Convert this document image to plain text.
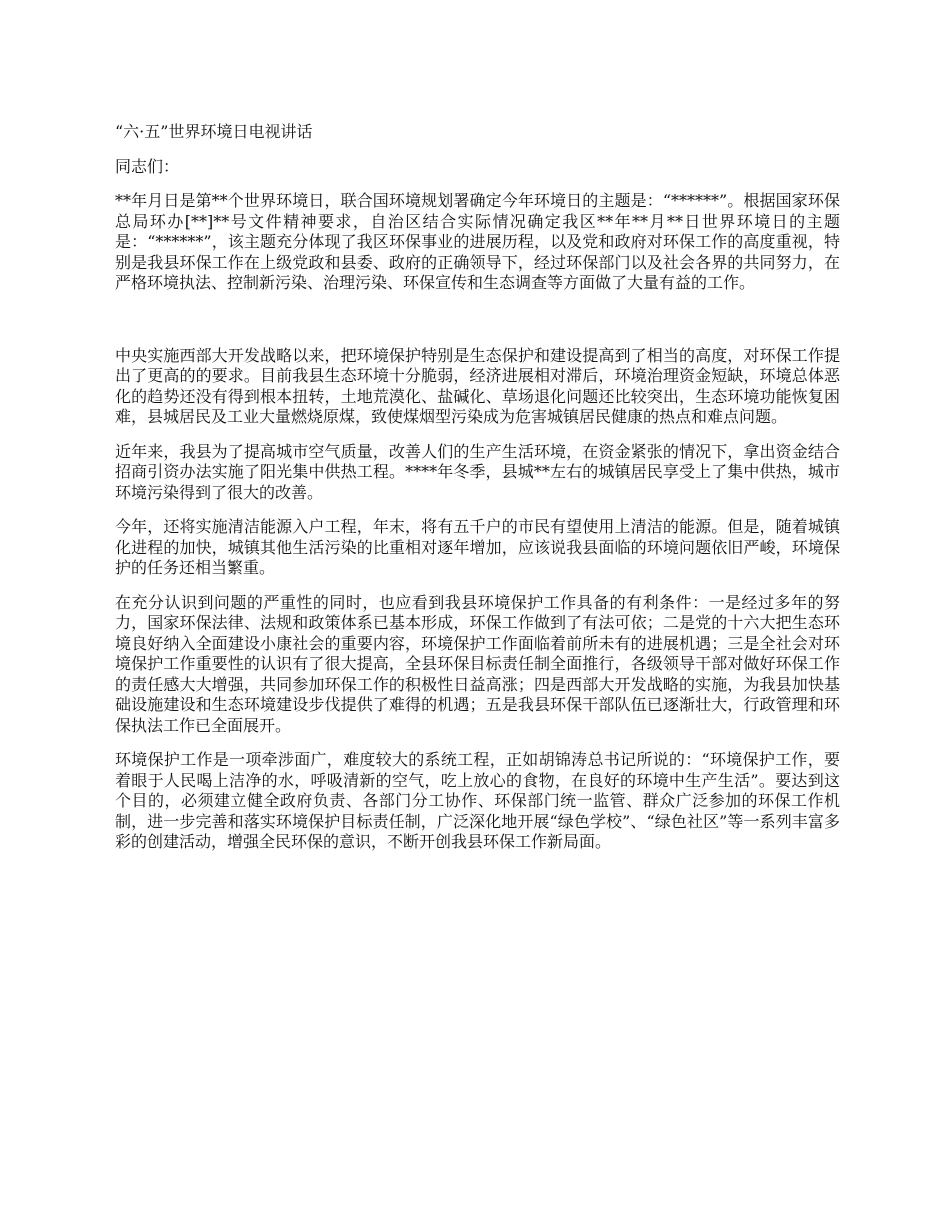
“六·五”世界环境日电视讲话
同志们：

**年月日是第**个世界环境日，联合国环境规划署确定今年环境日的主题是：“******”。根据国家环保总局环办[**]**号文件精神要求，自治区结合实际情况确定我区**年**月**日世界环境日的主题是：“******”，该主题充分体现了我区环保事业的进展历程，以及党和政府对环保工作的高度重视，特别是我县环保工作在上级党政和县委、政府的正确领导下，经过环保部门以及社会各界的共同努力，在严格环境执法、控制新污染、治理污染、环保宣传和生态调查等方面做了大量有益的工作。

中央实施西部大开发战略以来，把环境保护特别是生态保护和建设提高到了相当的高度，对环保工作提出了更高的的要求。目前我县生态环境十分脆弱，经济进展相对滞后，环境治理资金短缺，环境总体恶化的趋势还没有得到根本扭转，土地荒漠化、盐碱化、草场退化问题还比较突出，生态环境功能恢复困难，县城居民及工业大量燃烧原煤，致使煤烟型污染成为危害城镇居民健康的热点和难点问题。

近年来，我县为了提高城市空气质量，改善人们的生产生活环境，在资金紧张的情况下，拿出资金结合招商引资办法实施了阳光集中供热工程。****年冬季，县城**左右的城镇居民享受上了集中供热，城市环境污染得到了很大的改善。

今年，还将实施清洁能源入户工程，年末，将有五千户的市民有望使用上清洁的能源。但是，随着城镇化进程的加快，城镇其他生活污染的比重相对逐年增加，应该说我县面临的环境问题依旧严峻，环境保护的任务还相当繁重。

在充分认识到问题的严重性的同时，也应看到我县环境保护工作具备的有利条件：一是经过多年的努力，国家环保法律、法规和政策体系已基本形成，环保工作做到了有法可依；二是党的十六大把生态环境良好纳入全面建设小康社会的重要内容，环境保护工作面临着前所未有的进展机遇；三是全社会对环境保护工作重要性的认识有了很大提高，全县环保目标责任制全面推行，各级领导干部对做好环保工作的责任感大大增强，共同参加环保工作的积极性日益高涨；四是西部大开发战略的实施，为我县加快基础设施建设和生态环境建设步伐提供了难得的机遇；五是我县环保干部队伍已逐渐壮大，行政管理和环保执法工作已全面展开。

环境保护工作是一项牵涉面广，难度较大的系统工程，正如胡锦涛总书记所说的：“环境保护工作，要着眼于人民喝上洁净的水，呼吸清新的空气，吃上放心的食物，在良好的环境中生产生活”。要达到这个目的，必须建立健全政府负责、各部门分工协作、环保部门统一监管、群众广泛参加的环保工作机制，进一步完善和落实环境保护目标责任制，广泛深化地开展“绿色学校”、“绿色社区”等一系列丰富多彩的创建活动，增强全民环保的意识，不断开创我县环保工作新局面。
